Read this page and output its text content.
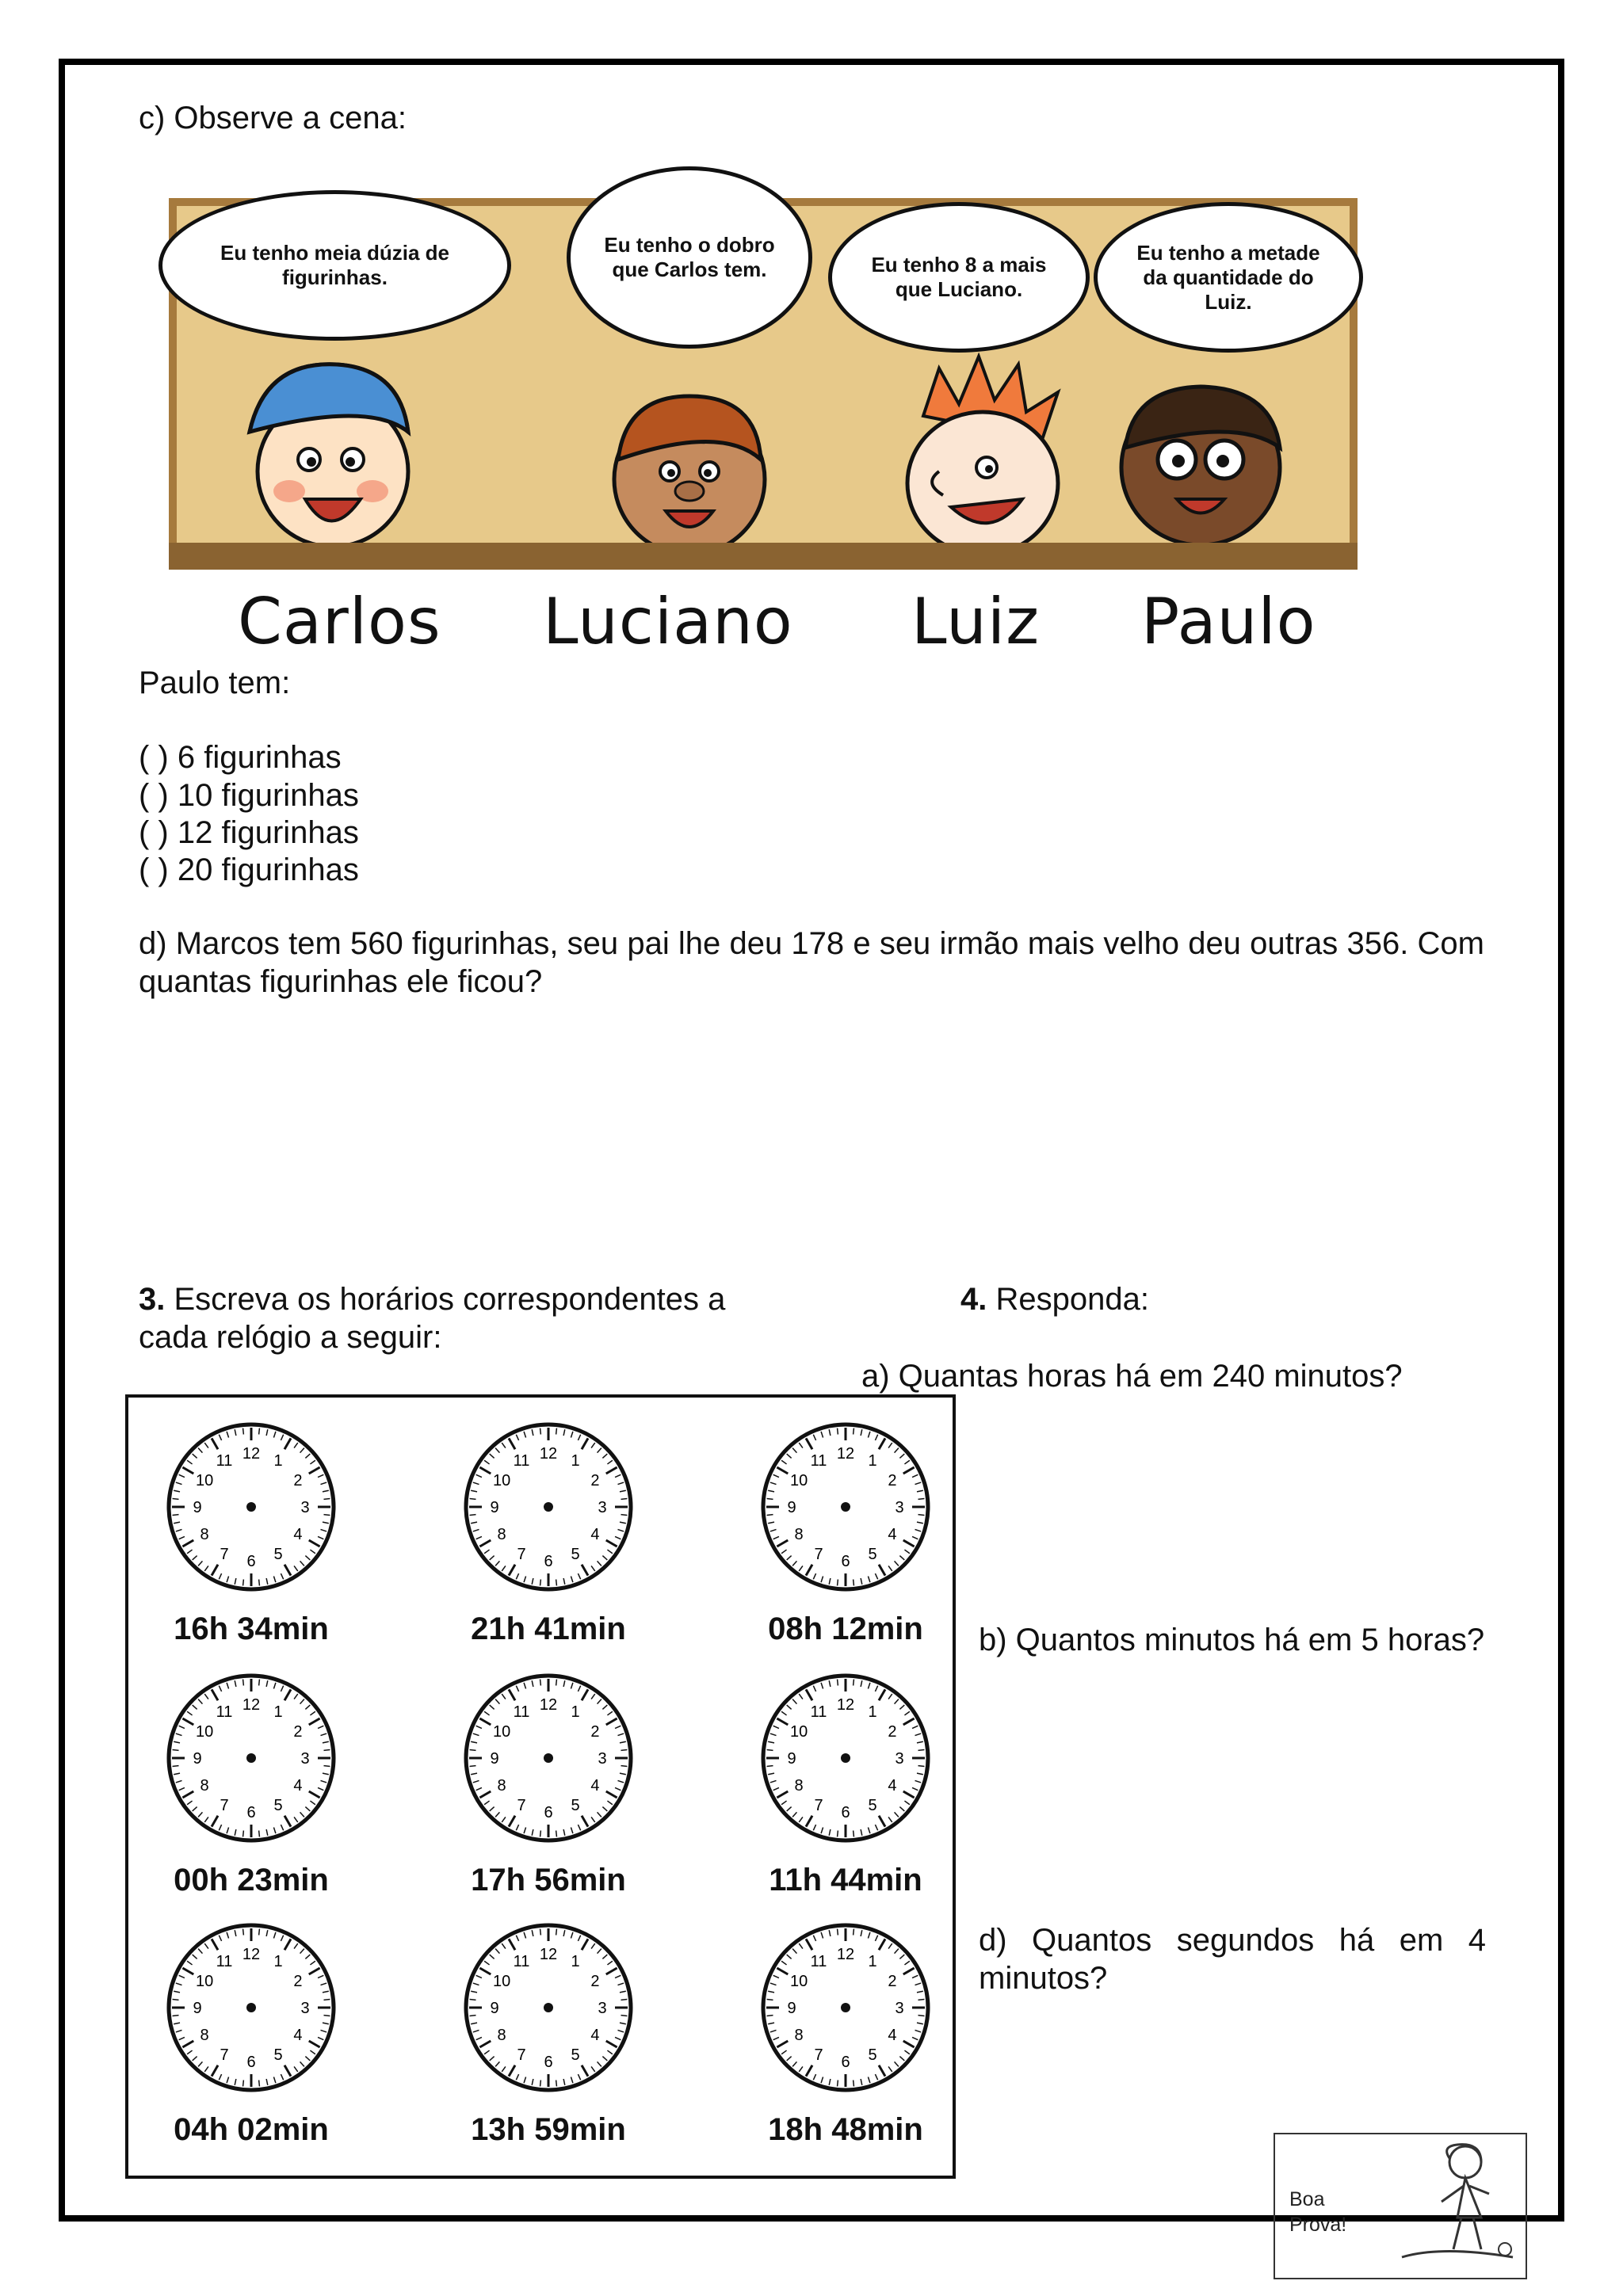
c) Observe a cena:
Eu tenho meia dúzia de figurinhas.
Eu tenho o dobro que Carlos tem.	Eu tenho 8 a mais que Luciano.
Eu tenho a metade da quantidade do Luiz.
Carlos Luciano Luiz Paulo
Paulo tem:
( ) 6 figurinhas
( ) 10 figurinhas
( ) 12 figurinhas
( ) 20 figurinhas
d) Marcos tem 560 figurinhas, seu pai lhe deu 178 e seu irmão mais velho deu outras 356. Com quantas figurinhas ele ficou?
3. Escreva os horários correspondentes a cada relógio a seguir:
4. Responda:
a) Quantas horas há em 240 minutos?
b) Quantos minutos há em 5 horas?
d) Quantos segundos há em 4 minutos?
12 1
2
3
4
5
6
7
8
9
10
11
16h 34min
12 1
2
3
4
5
6
7
8
9
10
11
21h 41min
12 1
2
3
4
5
6
7
8
9
10
11
08h 12min
12 1
2
3
4
5
6
7
8
9
10
11
00h 23min
12 1
2
3
4
5
6
7
8
9
10
11
17h 56min
12 1
2
3
4
5
6
7
8
9
10
11
11h 44min
12 1
2
3
4
5
6
7
8
9
10
11
04h 02min
12 1
2
3
4
5
6
7
8
9
10
11
13h 59min
12 1
2
3
4
5
6
7
8
9
10
11
18h 48min
Boa Prova!
